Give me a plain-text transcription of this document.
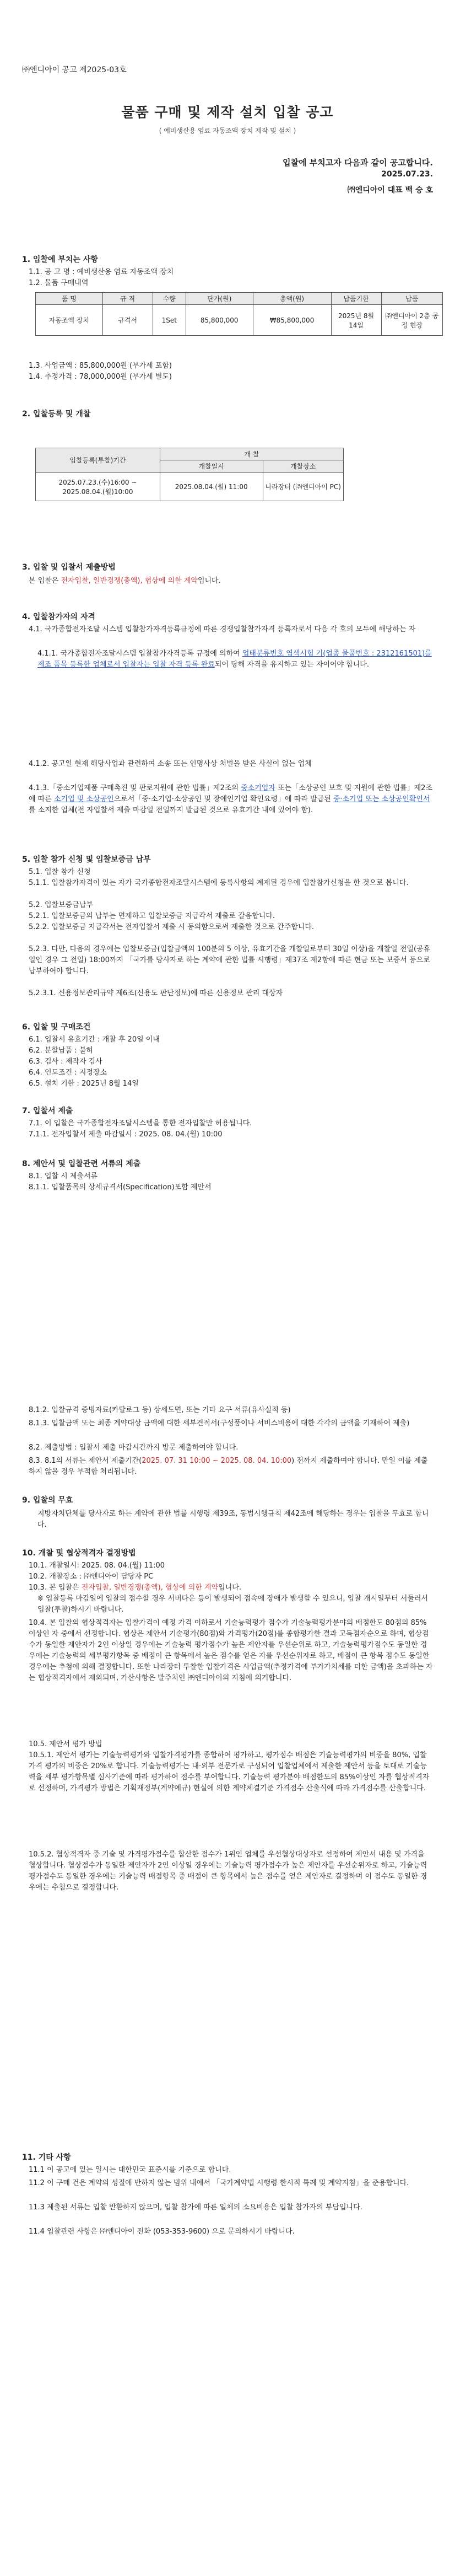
㈜엔디아이 공고 제2025-03호
물품 구매 및 제작 설치 입찰 공고
( 예비생산용 염료 자동조액 장치 제작 및 설치 )
입찰에 부치고자 다음과 같이 공고합니다.
2025.07.23.
㈜엔디아이 대표 백 승 호
1. 입찰에 부치는 사항
1.1. 공 고 명 : 예비생산용 염료 자동조액 장치
1.2. 물품 구매내역
품 명	규 격	수량	단가(원)	총액(원)	납품기한	납품
자동조액 장치	규격서	1Set	85,800,000	₩85,800,000	2025년 8월 14일	㈜엔디아이 2층 공정 현장
1.3. 사업금액 : 85,800,000원 (부가세 포함)
1.4. 추정가격 : 78,000,000원 (부가세 별도)
2. 입찰등록 및 개찰
입찰등록(투찰)기간	개 찰	
	개찰일시	개찰장소
2025.07.23.(수)16:00 ~ 2025.08.04.(월)10:00	2025.08.04.(월) 11:00	나라장터 (㈜엔디아이 PC)
3. 입찰 및 입찰서 제출방법
본 입찰은 전자입찰, 일반경쟁(총액), 협상에 의한 계약입니다.
4. 입찰참가자의 자격
4.1. 국가종합전자조달 시스템 입찰참가자격등록규정에 따른 경쟁입찰참가자격 등록자로서 다음 각 호의 모두에 해당하는 자
4.1.1. 국가종합전자조달시스템 입찰참가자격등록 규정에 의하여 업태분류번호 염색시험 기(업종 물품번호 : 2312161501)를 제조 품목 등록한 업체로서 입찰자는 입찰 자격 등록 완료되어 당해 자격을 유지하고 있는 자이어야 합니다.
4.1.2. 공고일 현재 해당사업과 관련하여 소송 또는 인명사상 처벌을 받은 사실이 없는 업체
4.1.3.「중소기업제품 구매촉진 및 판로지원에 관한 법률」제2조의 중소기업자 또는「소상공인 보호 및 지원에 관한 법률」제2조에 따른 소기업 및 소상공인으로서「중·소기업·소상공인 및 장애인기업 확인요령」에 따라 발급된 중·소기업 또는 소상공인확인서를 소지한 업체(전 자입찰서 제출 마감일 전일까지 발급된 것으로 유효기간 내에 있어야 함).
5. 입찰 참가 신청 및 입찰보증금 납부
5.1. 입찰 참가 신청
5.1.1. 입찰참가자격이 있는 자가 국가종합전자조달시스템에 등록사항의 계재된 경우에 입찰참가신청을 한 것으로 봅니다.
5.2. 입찰보증금납부
5.2.1. 입찰보증금의 납부는 면제하고 입찰보증금 지급각서 제출로 갈음합니다.
5.2.2. 입찰보증금 지급각서는 전자입찰서 제출 시 동의함으로써 제출한 것으로 간주합니다.
5.2.3. 다만, 다음의 경우에는 입찰보증금(입찰금액의 100분의 5 이상, 유효기간을 개찰일로부터 30일 이상)을 개찰일 전일(공휴일인 경우 그 전일) 18:00까지 「국가를 당사자로 하는 계약에 관한 법률 시행령」제37조 제2항에 따른 현금 또는 보증서 등으로 납부하여야 합니다.
5.2.3.1. 신용정보관리규약 제6조(신용도 판단정보)에 따른 신용정보 관리 대상자
6. 입찰 및 구매조건
6.1. 입찰서 유효기간 : 개찰 후 20일 이내
6.2. 분할납품 : 불허
6.3. 검사 : 제작자 검사
6.4. 인도조건 : 지정장소
6.5. 설치 기한 : 2025년 8월 14일
7. 입찰서 제출
7.1. 이 입찰은 국가종합전자조달시스템을 통한 전자입찰만 허용됩니다.
7.1.1. 전자입찰서 제출 마감일시 : 2025. 08. 04.(월) 10:00
8. 제안서 및 입찰관련 서류의 제출
8.1. 입찰 시 제출서류
8.1.1. 입찰품목의 상세규격서(Specification)포함 제안서
8.1.2. 입찰규격 증빙자료(카탈로그 등) 상세도면, 또는 기타 요구 서류(유사실적 등)
8.1.3. 입찰금액 또는 최종 계약대상 금액에 대한 세부견적서(구성품이나 서비스비용에 대한 각각의 금액을 기재하여 제출)
8.2. 제출방법 : 입찰서 제출 마감시간까지 방문 제출하여야 합니다.
8.3. 8.1의 서류는 제안서 제출기간(2025. 07. 31 10:00 ~ 2025. 08. 04. 10:00) 전까지 제출하여야 합니다. 만일 이를 제출하지 않을 경우 부적합 처리됩니다.
9. 입찰의 무효
지방자치단체를 당사자로 하는 계약에 관한 법률 시행령 제39조, 동법시행규칙 제42조에 해당하는 경우는 입찰을 무효로 합니다.
10. 개찰 및 협상적격자 결정방법
10.1. 개찰일시: 2025. 08. 04.(월) 11:00
10.2. 개찰장소 : ㈜엔디아이 담당자 PC
10.3. 본 입찰은 전자입찰, 일반경쟁(총액), 협상에 의한 계약입니다.
※ 입찰등록 마감일에 입찰의 접수할 경우 서버다운 등이 발생되어 접속에 장애가 발생할 수 있으니, 입찰 개시일부터 서둘러서 입찰(투찰)하시기 바랍니다.
10.4. 본 입찰의 협상적격자는 입찰가격이 예정 가격 이하로서 기술능력평가 점수가 기술능력평가분야의 배점한도 80점의 85%이상인 자 중에서 선정합니다. 협상은 제안서 기술평가(80점)와 가격평가(20점)를 종합평가한 결과 고득점자순으로 하며, 협상점수가 동일한 제안자가 2인 이상일 경우에는 기술능력 평가점수가 높은 제안자를 우선순위로 하고, 기술능력평가점수도 동일한 경우에는 기술능력의 세부평가항목 중 배점이 큰 항목에서 높은 점수를 얻은 자를 우선순위자로 하고, 배점이 큰 항목 점수도 동일한 경우에는 추첨에 의해 결정합니다. 또한 나라장터 투찰한 입찰가격은 사업금액(추정가격에 부가가치세를 더한 금액)을 초과하는 자는 협상적격자에서 제외되며, 가산사항은 발주처인 ㈜엔디아이의 지침에 의거합니다.
10.5. 제안서 평가 방법
10.5.1. 제안서 평가는 기술능력평가와 입찰가격평가를 종합하여 평가하고, 평가점수 배점은 기술능력평가의 비중을 80%, 입찰가격 평가의 비중은 20%로 합니다. 기술능력평가는 내·외부 전문가로 구성되어 입찰업체에서 제출한 제안서 등을 토대로 기술능력을 세부 평가항목별 심사기준에 따라 평가하여 점수를 부여합니다. 기술능력 평가분야 배점한도의 85%이상인 자를 협상적격자로 선정하며, 가격평가 방법은 기획재정부(계약예규) 현실에 의한 계약체결기준 가격점수 산출식에 따라 가격점수를 산출합니다.
10.5.2. 협상적격자 중 기술 및 가격평가점수를 합산한 점수가 1위인 업체를 우선협상대상자로 선정하여 제안서 내용 및 가격을 협상합니다. 협상점수가 동일한 제안자가 2인 이상일 경우에는 기술능력 평가점수가 높은 제안자를 우선순위자로 하고, 기술능력평가점수도 동일한 경우에는 기술능력 배점항목 중 배점이 큰 항목에서 높은 점수를 얻은 제안자로 결정하며 이 점수도 동일한 경우에는 추첨으로 결정합니다.
11. 기타 사항
11.1 이 공고에 있는 일시는 대한민국 표준시를 기준으로 합니다.
11.2 이 구매 건은 계약의 성질에 반하지 않는 범위 내에서 「국가계약법 시행령 한시적 특례 및 계약지침」을 준용합니다.
11.3 제출된 서류는 입찰 반환하지 않으며, 입찰 참가에 따른 일체의 소요비용은 입찰 참가자의 부담입니다.
11.4 입찰관련 사항은 ㈜엔디아이 전화 (053-353-9600) 으로 문의하시기 바랍니다.
